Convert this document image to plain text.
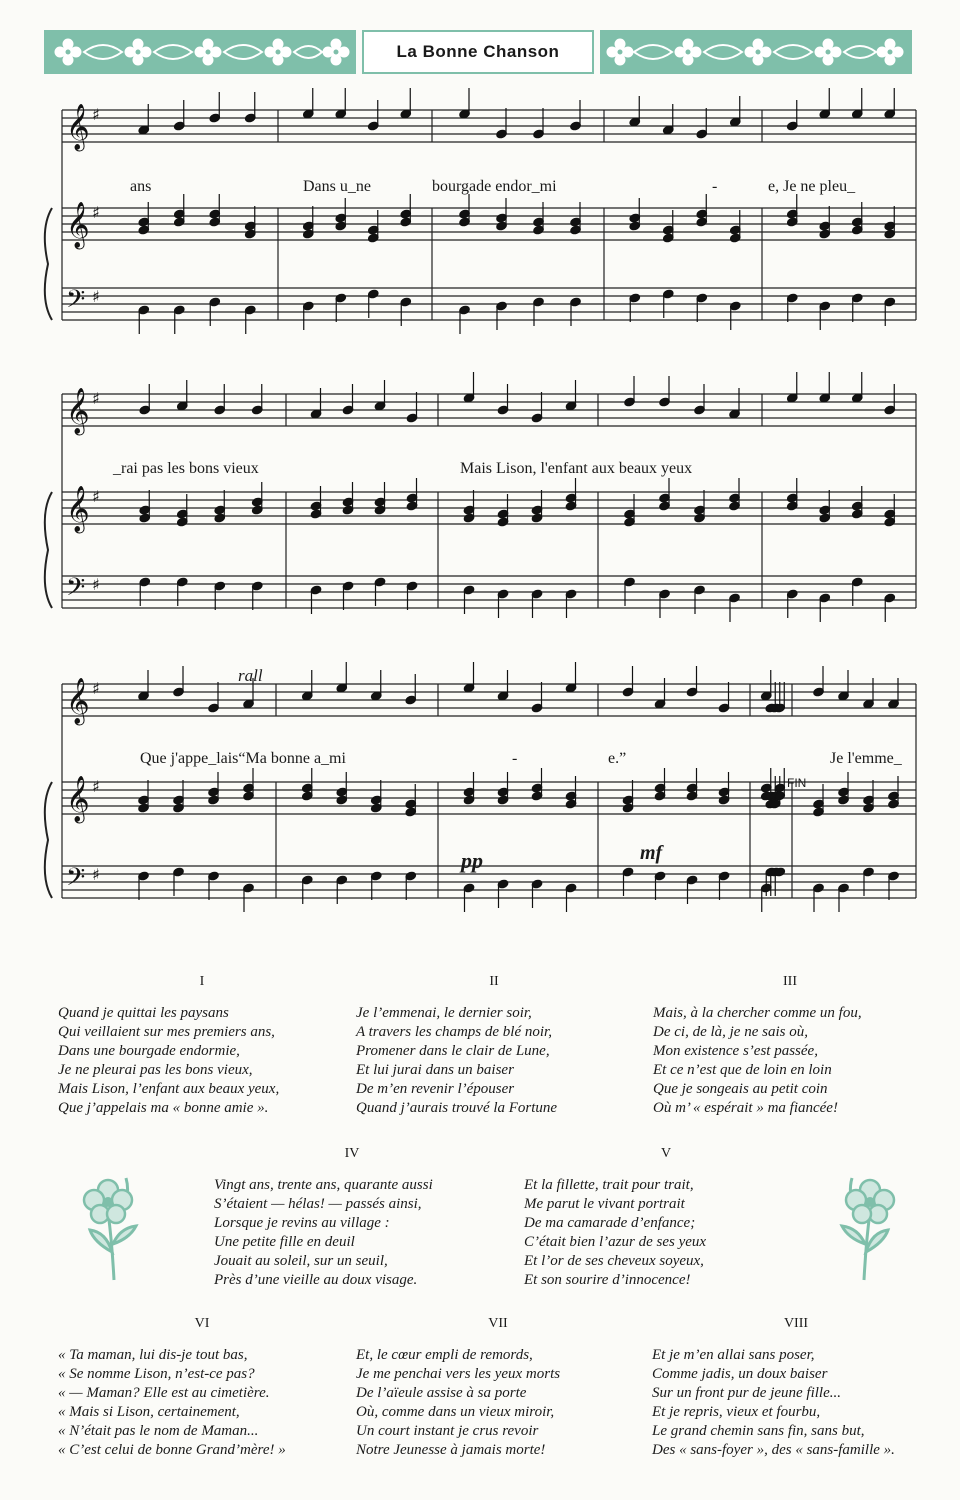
La Bonne Chanson
𝄞 ♯
𝄞 ♯
𝄢 ♯
𝄞 ♯
𝄞 ♯
𝄢 ♯
𝄞 ♯
𝄞 ♯
𝄢 ♯
ans	Dans u_ne	bourgade endor_mi	-	e, Je ne pleu_
_rai pas les bons vieux	Mais Lison, l'enfant aux beaux yeux
Que j'appe_lais“Ma bonne a_mi	-	e.”	Je l'emme_
rall
FIN
pp	mf
I	II	III
Quand je quittai les paysans
Qui veillaient sur mes premiers ans,
Dans une bourgade endormie,
Je ne pleurai pas les bons vieux,
Mais Lison, l’enfant aux beaux yeux,
Que j’appelais ma « bonne amie ».
Je l’emmenai, le dernier soir,
A travers les champs de blé noir,
Promener dans le clair de Lune,
Et lui jurai dans un baiser
De m’en revenir l’épouser
Quand j’aurais trouvé la Fortune
Mais, à la chercher comme un fou,
De ci, de là, je ne sais où,
Mon existence s’est passée,
Et ce n’est que de loin en loin
Que je songeais au petit coin
Où m’ « espérait » ma fiancée!
IV	V
Vingt ans, trente ans, quarante aussi
S’étaient — hélas! — passés ainsi,
Lorsque je revins au village :
Une petite fille en deuil
Jouait au soleil, sur un seuil,
Près d’une vieille au doux visage.
Et la fillette, trait pour trait,
Me parut le vivant portrait
De ma camarade d’enfance;
C’était bien l’azur de ses yeux
Et l’or de ses cheveux soyeux,
Et son sourire d’innocence!
VI	VII	VIII
« Ta maman, lui dis-je tout bas,
« Se nomme Lison, n’est-ce pas?
« — Maman? Elle est au cimetière.
« Mais si Lison, certainement,
« N’était pas le nom de Maman...
« C’est celui de bonne Grand’mère! »
Et, le cœur empli de remords,
Je me penchai vers les yeux morts
De l’aïeule assise à sa porte
Où, comme dans un vieux miroir,
Un court instant je crus revoir
Notre Jeunesse à jamais morte!
Et je m’en allai sans poser,
Comme jadis, un doux baiser
Sur un front pur de jeune fille...
Et je repris, vieux et fourbu,
Le grand chemin sans fin, sans but,
Des « sans-foyer », des « sans-famille ».
